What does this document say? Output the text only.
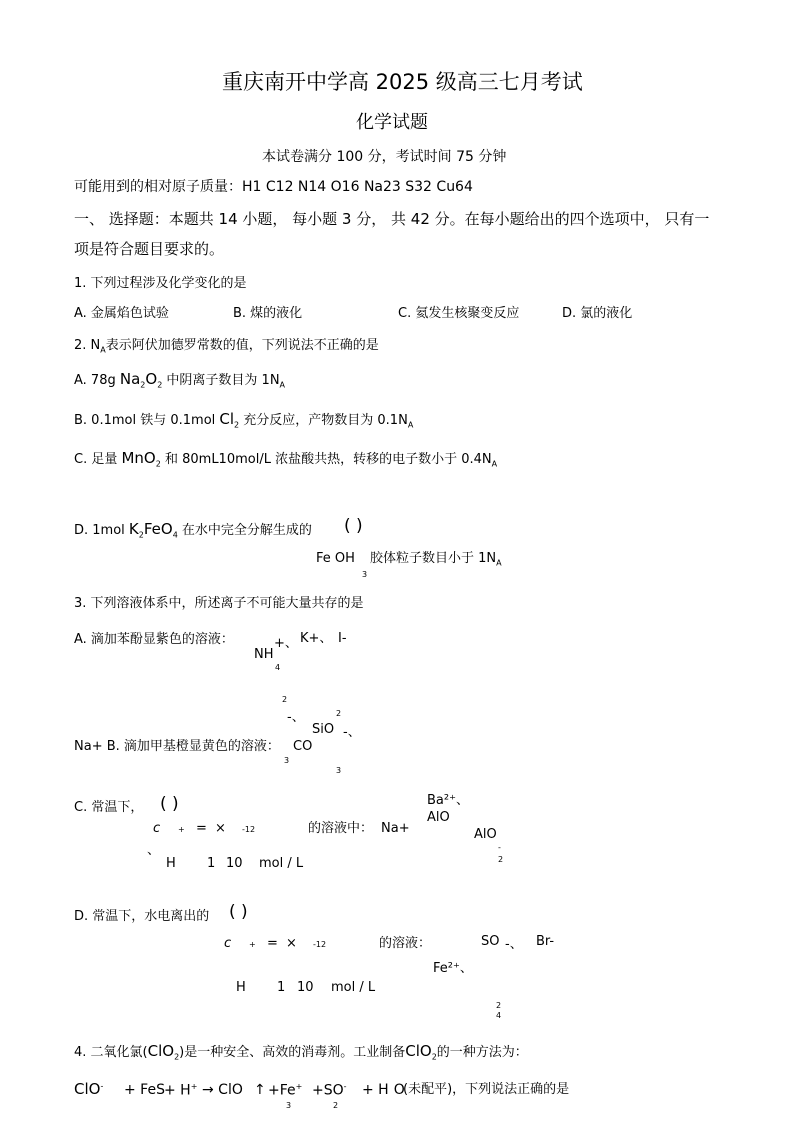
重庆南开中学高 2025 级高三七月考试
化学试题
本试卷满分 100 分，考试时间 75 分钟
可能用到的相对原子质量：H1 C12 N14 O16 Na23 S32 Cu64
一、 选择题：本题共 14 小题， 每小题 3 分， 共 42 分。在每小题给出的四个选项中， 只有一
项是符合题目要求的。
1. 下列过程涉及化学变化的是
A. 金属焰色试验	B. 煤的液化	C. 氦发生核聚变反应	D. 氯的液化
2. $N_A$表示阿伏加德罗常数的值，下列说法不正确的是
A. 78g $Na_2O_2$ 中阴离子数目为 $1N_A$
B. 0.1mol 铁与 0.1mol $Cl_2$ 充分反应，产物数目为 $0.1N_A$
C. 足量 MnO$_2$ 和 80mL10mol/L 浓盐酸共热，转移的电子数小于 $0.4N_A$
D. 1mol $K_2FeO_4$ 在水中完全分解生成的 ( )
Fe OH
3
胶体粒子数目小于 $1N_A$
3. 下列溶液体系中，所述离子不可能大量共存的是
A. 滴加苯酚显紫色的溶液：	+、
NH
4
K+、 I-
2
-、	2
SiO -、
Na+ B. 滴加甲基橙显黄色的溶液： CO
3
3
C. 常温下， ( )	Ba²⁺、
AlO
AlO
-
2
c + = × -12	的溶液中： Na+
、
H 1 10 mol / L
D. 常温下，水电离出的 ( )
c + = × -12	的溶液：	SO -、 Br-
Fe²⁺、
H 1 10 mol / L
2
4
4. 二氧化氯(ClO$_2$)是一种安全、高效的消毒剂。工业制备ClO$_2$的一种方法为：
ClO- + FeS + H+ → ClO ↑ +Fe+ +SO- + H O
(未配平)，下列说法正确的是
3	2
